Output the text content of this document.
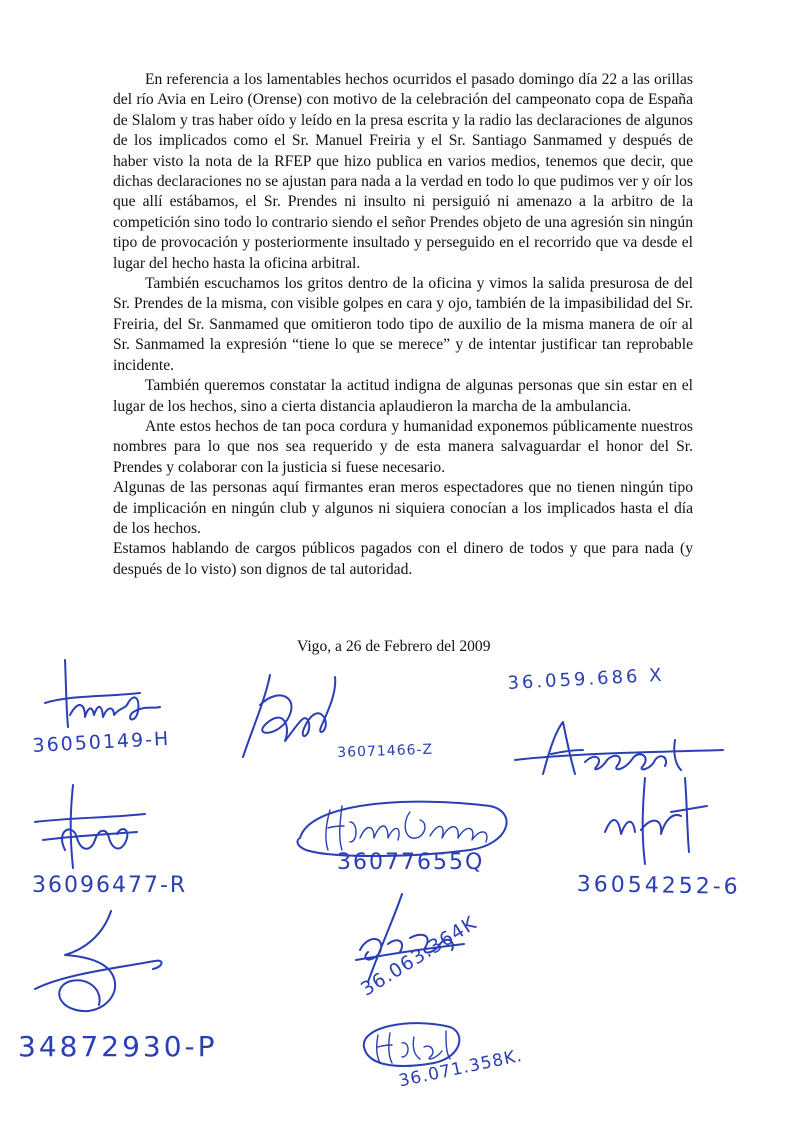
En referencia a los lamentables hechos ocurridos el pasado domingo día 22 a las orillas del río Avia en Leiro (Orense) con motivo de la celebración del campeonato copa de España de Slalom y tras haber oído y leído en la presa escrita y la radio las declaraciones de algunos de los implicados como el Sr. Manuel Freiria y el Sr. Santiago Sanmamed y después de haber visto la nota de la RFEP que hizo publica en varios medios, tenemos que decir, que dichas declaraciones no se ajustan para nada a la verdad en todo lo que pudimos ver y oír los que allí estábamos, el Sr. Prendes ni insulto ni persiguió ni amenazo a la arbitro de la competición sino todo lo contrario siendo el señor Prendes objeto de una agresión sin ningún tipo de provocación y posteriormente insultado y perseguido en el recorrido que va desde el lugar del hecho hasta la oficina arbitral.

También escuchamos los gritos dentro de la oficina y vimos la salida presurosa de del Sr. Prendes de la misma, con visible golpes en cara y ojo, también de la impasibilidad del Sr. Freiria, del Sr. Sanmamed que omitieron todo tipo de auxilio de la misma manera de oír al Sr. Sanmamed la expresión “tiene lo que se merece” y de intentar justificar tan reprobable incidente.

También queremos constatar la actitud indigna de algunas personas que sin estar en el lugar de los hechos, sino a cierta distancia aplaudieron la marcha de la ambulancia.

Ante estos hechos de tan poca cordura y humanidad exponemos públicamente nuestros nombres para lo que nos sea requerido y de esta manera salvaguardar el honor del Sr. Prendes y colaborar con la justicia si fuese necesario.

Algunas de las personas aquí firmantes eran meros espectadores que no tienen ningún tipo de implicación en ningún club y algunos ni siquiera conocían a los implicados hasta el día de los hechos.

Estamos hablando de cargos públicos pagados con el dinero de todos y que para nada (y después de lo visto) son dignos de tal autoridad.

Vigo, a 26 de Febrero del 2009
36050149-H	36071466-Z
36.059.686 X
36096477-R
36077655Q
36054252-6
36.063.364K
34872930-P	36.071.358K.
